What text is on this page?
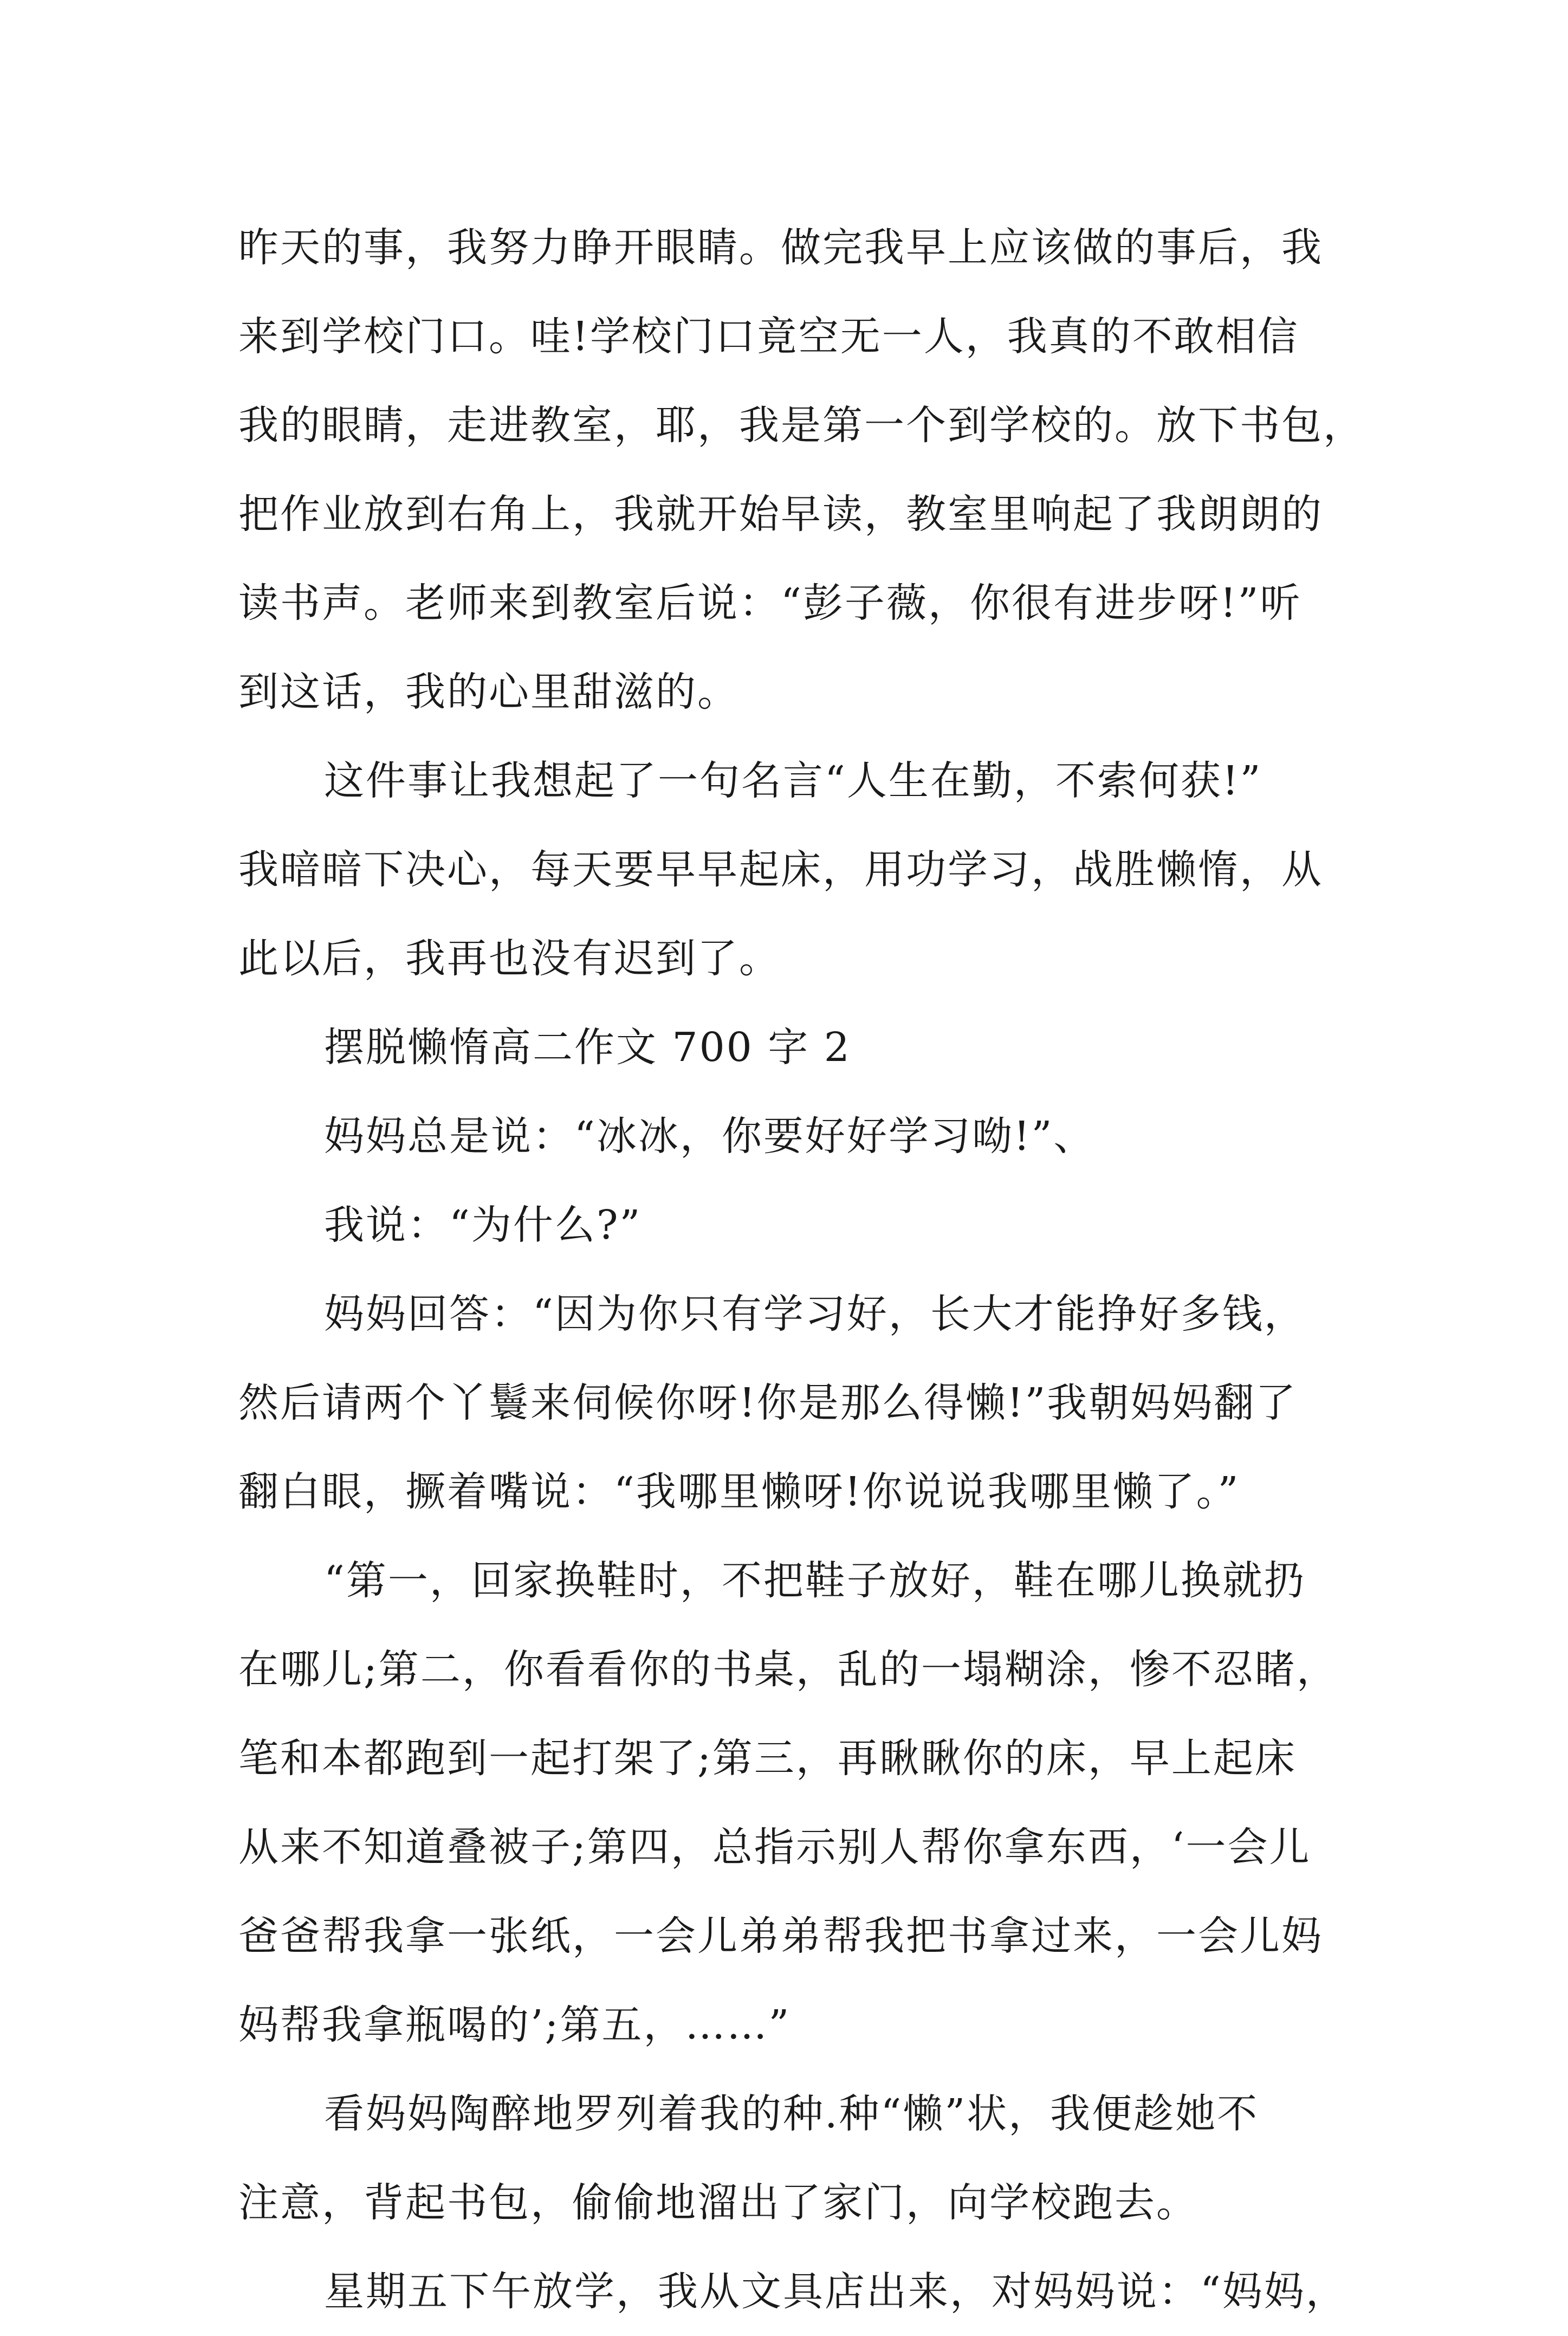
昨天的事，我努力睁开眼睛。做完我早上应该做的事后，我
来到学校门口。哇!学校门口竟空无一人，我真的不敢相信
我的眼睛，走进教室，耶，我是第一个到学校的。放下书包，
把作业放到右角上，我就开始早读，教室里响起了我朗朗的
读书声。老师来到教室后说：“彭子薇，你很有进步呀!”听
到这话，我的心里甜滋的。
这件事让我想起了一句名言“人生在勤，不索何获!”
我暗暗下决心，每天要早早起床，用功学习，战胜懒惰，从
此以后，我再也没有迟到了。
摆脱懒惰高二作文 700 字 2
妈妈总是说：“冰冰，你要好好学习呦!”、
我说：“为什么?”
妈妈回答：“因为你只有学习好，长大才能挣好多钱，
然后请两个丫鬟来伺候你呀!你是那么得懒!”我朝妈妈翻了
翻白眼，撅着嘴说：“我哪里懒呀!你说说我哪里懒了。”
“第一，回家换鞋时，不把鞋子放好，鞋在哪儿换就扔
在哪儿;第二，你看看你的书桌，乱的一塌糊涂，惨不忍睹，
笔和本都跑到一起打架了;第三，再瞅瞅你的床，早上起床
从来不知道叠被子;第四，总指示别人帮你拿东西，‘一会儿
爸爸帮我拿一张纸，一会儿弟弟帮我把书拿过来，一会儿妈
妈帮我拿瓶喝的’;第五，……”
看妈妈陶醉地罗列着我的种.种“懒”状，我便趁她不
注意，背起书包，偷偷地溜出了家门，向学校跑去。
星期五下午放学，我从文具店出来，对妈妈说：“妈妈，
